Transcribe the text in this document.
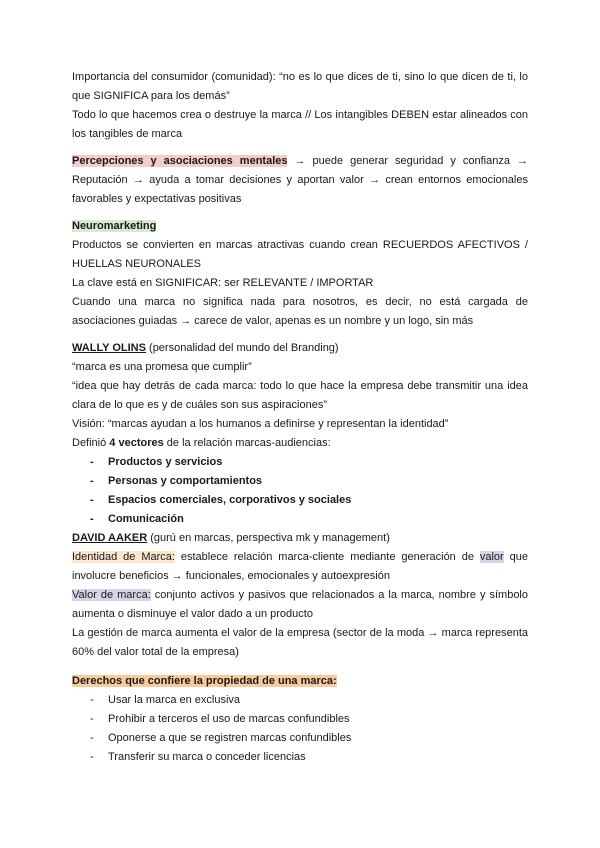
Importancia del consumidor (comunidad): “no es lo que dices de ti, sino lo que dicen de ti, lo que SIGNIFICA para los demás”

Todo lo que hacemos crea o destruye la marca // Los intangibles DEBEN estar alineados con los tangibles de marca

Percepciones y asociaciones mentales → puede generar seguridad y confianza → Reputación → ayuda a tomar decisiones y aportan valor → crean entornos emocionales favorables y expectativas positivas

Neuromarketing

Productos se convierten en marcas atractivas cuando crean RECUERDOS AFECTIVOS / HUELLAS NEURONALES

La clave está en SIGNIFICAR: ser RELEVANTE / IMPORTAR

Cuando una marca no significa nada para nosotros, es decir, no está cargada de asociaciones guiadas → carece de valor, apenas es un nombre y un logo, sin más

WALLY OLINS (personalidad del mundo del Branding)

“marca es una promesa que cumplir”

“idea que hay detrás de cada marca: todo lo que hace la empresa debe transmitir una idea clara de lo que es y de cuáles son sus aspiraciones”

Visión: “marcas ayudan a los humanos a definirse y representan la identidad”

Definió 4 vectores de la relación marcas-audiencias:

- Productos y servicios
- Personas y comportamientos
- Espacios comerciales, corporativos y sociales
- Comunicación

DAVID AAKER (gurú en marcas, perspectiva mk y management)

Identidad de Marca: establece relación marca-cliente mediante generación de valor que involucre beneficios → funcionales, emocionales y autoexpresión

Valor de marca: conjunto activos y pasivos que relacionados a la marca, nombre y símbolo aumenta o disminuye el valor dado a un producto

La gestión de marca aumenta el valor de la empresa (sector de la moda → marca representa 60% del valor total de la empresa)

Derechos que confiere la propiedad de una marca:

- Usar la marca en exclusiva
- Prohibir a terceros el uso de marcas confundibles
- Oponerse a que se registren marcas confundibles
- Transferir su marca o conceder licencias
